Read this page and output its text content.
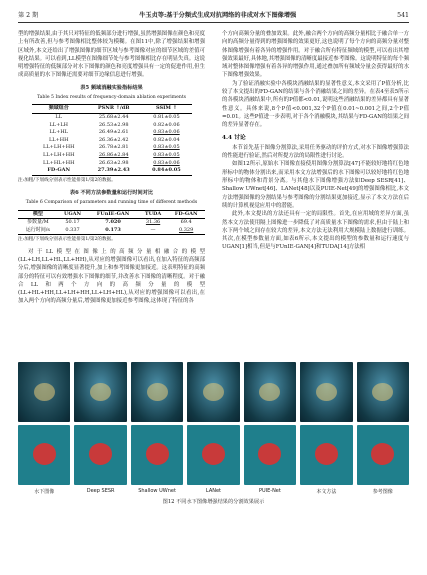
第 2 期	牛玉贞等:基于分频式生成对抗网络的非成对水下图像增强	541

型的增强结果,由于其只对特征的低频部分进行增强,虽然增强图像在颜色和亮度上有所改善,但与参考图像相比整体较为模糊。在图11中,除了增强结果和增强区域外,本文还给出了增强图像的细节区域与参考图像对应的细节区域的差值可视化结果。可以看到,LL模型在图像细节处与参考图像相比存在明显失真。这说明增强特征的低频部分对水下图像的颜色和亮度增强具有一定的促进作用,但生成高质量的水下图像还需要对细节边缘信息进行增强。

表5 频域消融实验指标结果
Table 5 Index results of frequency-domain ablation experiments
频域组合	PSNR ↑/dB	SSIM ↑
LL	25.68±2.44	0.81±0.05
LL+LH	26.53±2.98	0.82±0.06
LL+HL	26.49±2.61	0.83±0.06
LL+HH	26.36±2.42	0.82±0.04
LL+LH+HH	26.78±2.81	0.83±0.05
LL+LH+HH	26.86±2.84	0.83±0.05
LL+HL+HH	26.63±2.98	0.83±0.06
FD-GAN	27.39±2.43	0.84±0.05
注:加粗/下划线分别表示性能排第1/第2的数据。
表6 不同方法参数量和运行时间对比
Table 6 Comparison of parameters and running time of different methods
模型	UGAN	FUnIE-GAN	TUDA	FD-GAN
参数量/M	50.17	7.020	31.36	69.4
运行时间/s	0.337	0.173	—	0.329
注:加粗/下划线分别表示性能排第1/第2的数据。

对于LL模型在图像上的高频分量相融合的模型(LL+LH,LL+HL,LL+HH),从对应的增强图像可以看出,在加入特征的高频部分后,增强图像的清晰度显著提升,加上和参考图像更加接近。这表明特征的高频部分的特征可以有效增强水下图像的细节,并改善水下图像的清晰程度。对于融合LL和两个方向的高频分量的模型(LL+HL+HH,LL+LH+HH,LL+LH+HL),从对应的增强图像可以看出,在加入两个方向的高频分量后,增强图像更加接近参考图像,这体现了特征的各

个方向高频分量的叠加效果。此外,融合两个方向的高频分量相比于融合单一方向的高频分量得到的增强图像的效果更好,这也说明了每个方向的高频分量对整体图像增强有着各异的增强作用。对于融合所有特征频域的模型,可以看出其增强效果最好,具体地,其增强图像的清晰度最接近参考图像。这说明特征的每个频域对整体图像增强有着各异的增强作用,通过叠加所有频域分量会获得最好的水下图像增强效果。

为了验证消融实验中各模块消融结果的显著性意义,本文采用了P值分析,比较了本文提出的FD-GAN的结果与各个消融结果之间的差异。在表4至表5所示的各模块消融结果中,所有的P值都<0.01,说明这些消融结果的差异都具有显著性意义。具体来说,8个P值<0.001,32个P值在0.01~0.001之间,2个P值=0.01。这些P值进一步表明,对于各个消融模块,其结果与FD-GAN的结果之间的差异显著存在。

4.4 讨论

本节首先基于图像分割算法,采用任务驱动的评价方式,对水下图像增强算法的性能进行验证,然后对所提方法的局限性进行讨论。

如图12所示,原始水下图像直接使用图像分割算法[47]不能较好地将红色地形标中的物体分割出来,而采用本文方法增强后的水下图像可以较好地将红色地形标中的物体和背景分离。与其他水下图像增强方法如Deep SESR[41]、Shallow UWnet[46]、LANet[48]以及PUIE-Net[49]的增强图像相比,本文方法增强图像的分割结果与参考图像的分割结果更加接近,显示了本文方法在后续的计算机视觉应用中的潜能。

此外,本文提出的方法还具有一定的局限性。首先,在应用域的差异方面,虽然本文方法使用隔上图像进一步降低了对高质量水下图像的需求,但由于陆上和水下两个域之间存在较大的差异,本文方法无法利用大规模陆上数据进行训练。其次,在模型参数量方面,如表6所示,本文提出的模型的参数量和运行速度与UGAN[1]相当,但是与FUnIE-GAN[4]和TUDA[14]方法相

水下图像	Deep SESR	Shallow UWnet	LANet	PUIE-Net	本文方法	参考图像
图12 不同水下图像增强结果的分割效果展示
